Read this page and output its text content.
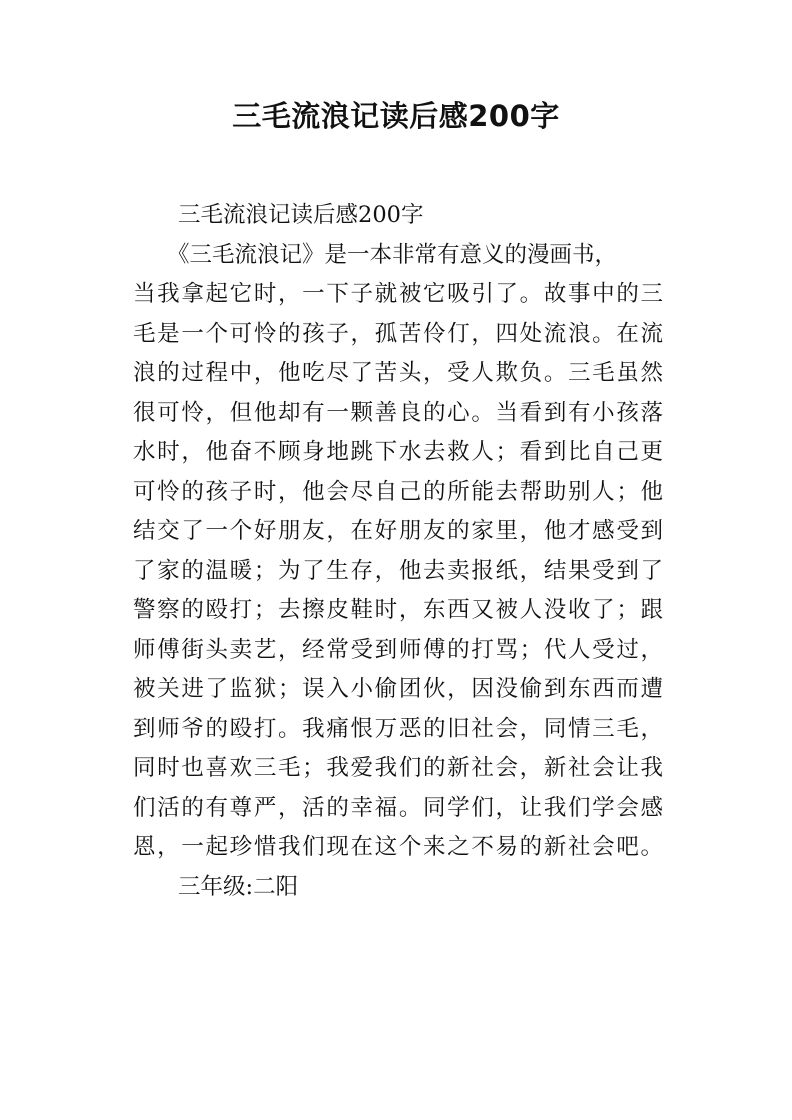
三毛流浪记读后感200字
三毛流浪记读后感200字
《三毛流浪记》是一本非常有意义的漫画书，
当我拿起它时，一下子就被它吸引了。故事中的三
毛是一个可怜的孩子，孤苦伶仃，四处流浪。在流
浪的过程中，他吃尽了苦头，受人欺负。三毛虽然
很可怜，但他却有一颗善良的心。当看到有小孩落
水时，他奋不顾身地跳下水去救人；看到比自己更
可怜的孩子时，他会尽自己的所能去帮助别人；他
结交了一个好朋友，在好朋友的家里，他才感受到
了家的温暖；为了生存，他去卖报纸，结果受到了
警察的殴打；去擦皮鞋时，东西又被人没收了；跟
师傅街头卖艺，经常受到师傅的打骂；代人受过，
被关进了监狱；误入小偷团伙，因没偷到东西而遭
到师爷的殴打。我痛恨万恶的旧社会，同情三毛，
同时也喜欢三毛；我爱我们的新社会，新社会让我
们活的有尊严，活的幸福。同学们，让我们学会感
恩，一起珍惜我们现在这个来之不易的新社会吧。
三年级:二阳
